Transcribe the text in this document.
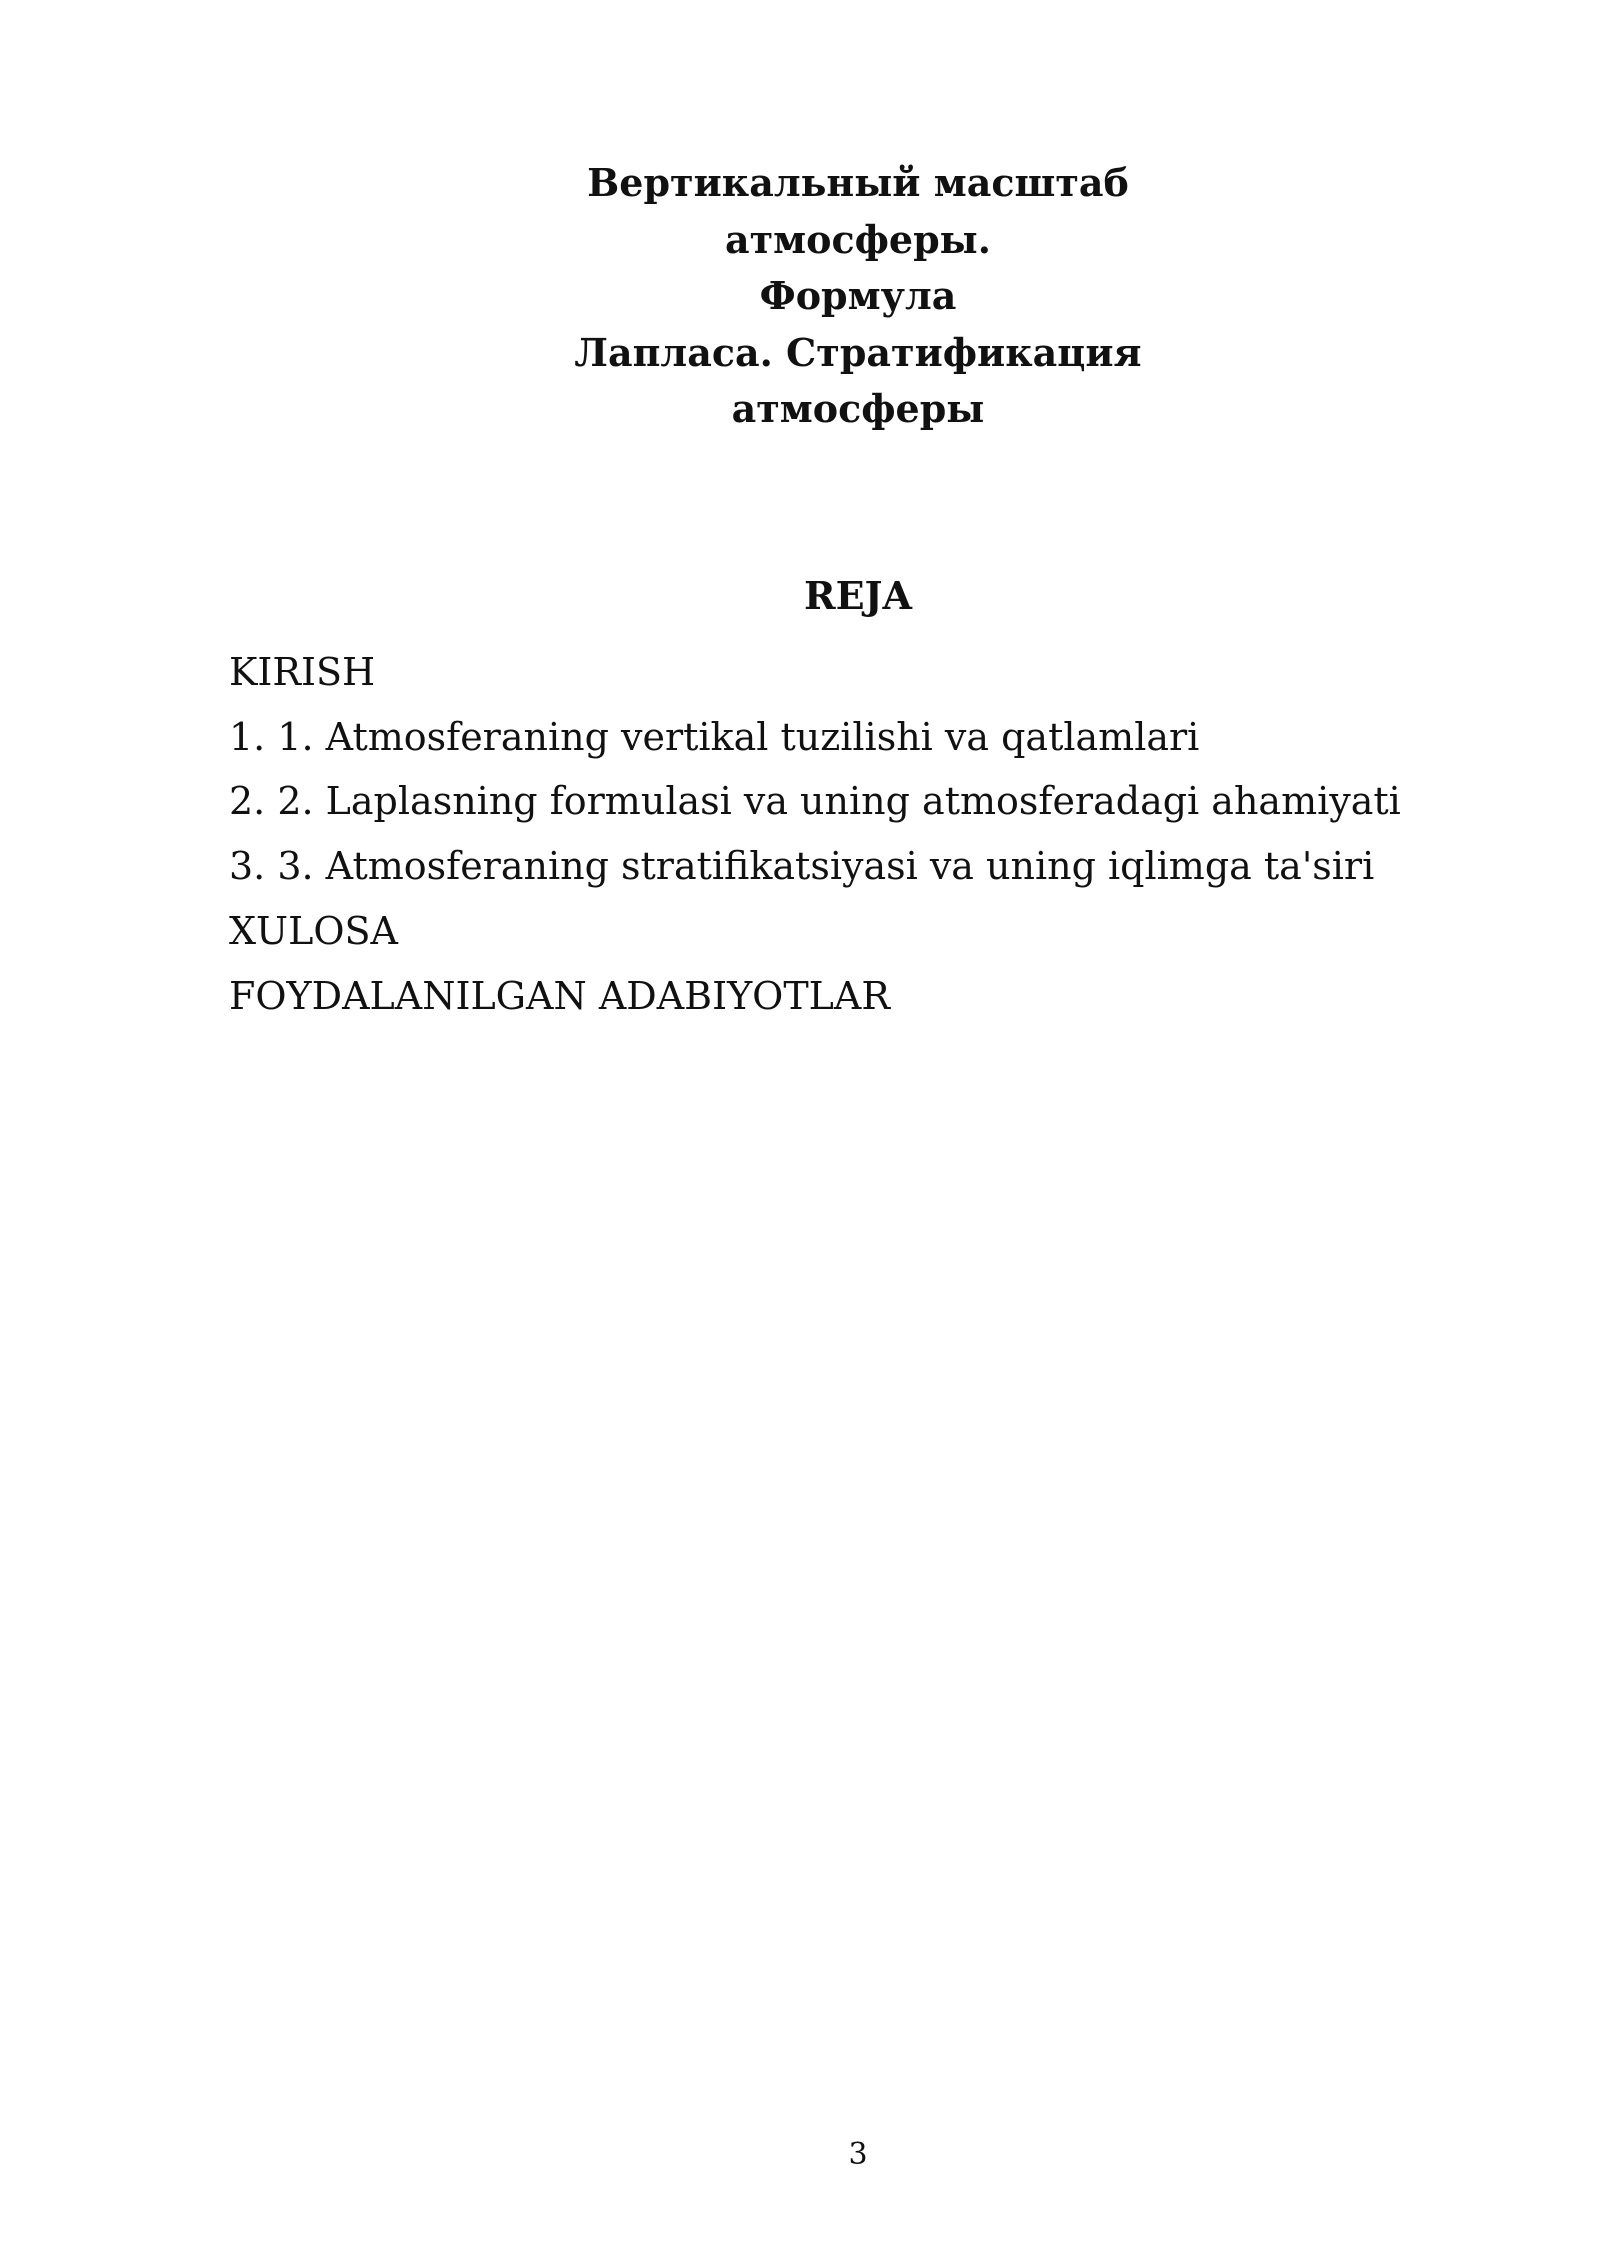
Вертикальный масштаб
атмосферы.
Формула
Лапласа. Стратификация
атмосферы
REJA
KIRISH
1. 1. Atmosferaning vertikal tuzilishi va qatlamlari
2. 2. Laplasning formulasi va uning atmosferadagi ahamiyati
3. 3. Atmosferaning stratifikatsiyasi va uning iqlimga ta'siri
XULOSA
FOYDALANILGAN ADABIYOTLAR
3
